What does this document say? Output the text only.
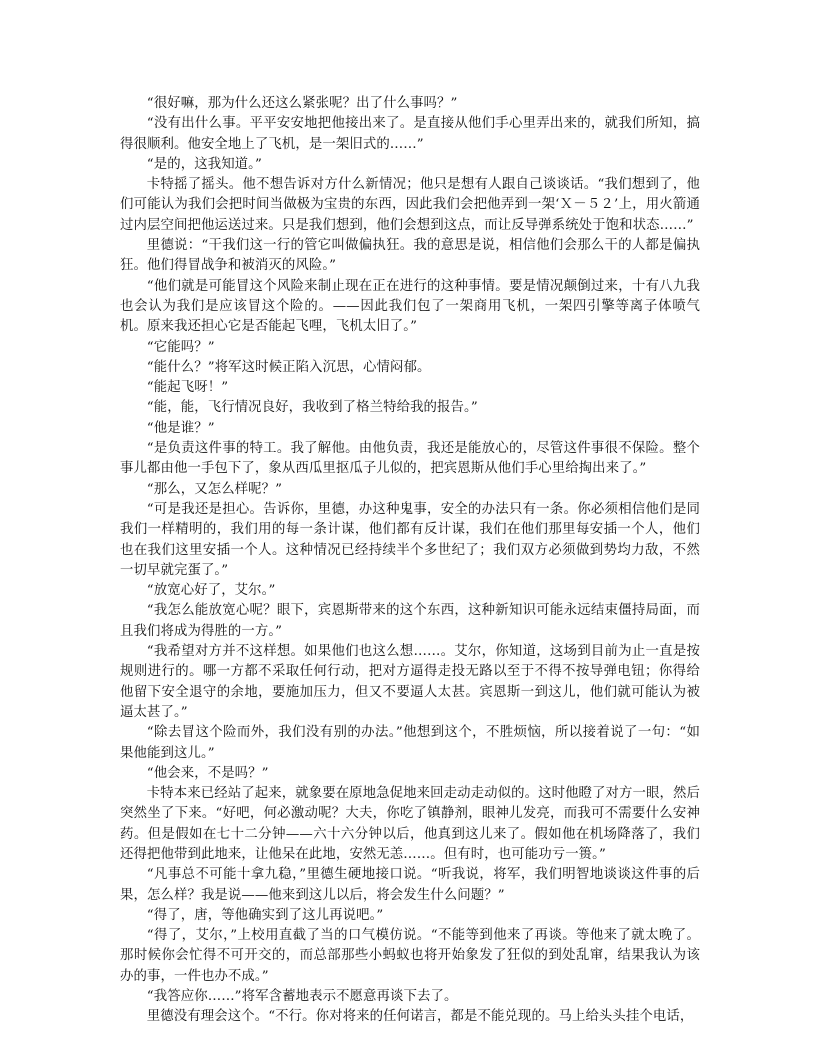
“很好嘛，那为什么还这么紧张呢？出了什么事吗？”

“没有出什么事。平平安安地把他接出来了。是直接从他们手心里弄出来的，就我们所知，搞得很顺利。他安全地上了飞机，是一架旧式的……”

“是的，这我知道。”

卡特摇了摇头。他不想告诉对方什么新情况；他只是想有人跟自己谈谈话。“我们想到了，他们可能认为我们会把时间当做极为宝贵的东西，因此我们会把他弄到一架‘Ｘ－５２’上，用火箭通过内层空间把他运送过来。只是我们想到，他们会想到这点，而让反导弹系统处于饱和状态……”

里德说：“干我们这一行的管它叫做偏执狂。我的意思是说，相信他们会那么干的人都是偏执狂。他们得冒战争和被消灭的风险。”

“他们就是可能冒这个风险来制止现在正在进行的这种事情。要是情况颠倒过来，十有八九我也会认为我们是应该冒这个险的。——因此我们包了一架商用飞机，一架四引擎等离子体喷气机。原来我还担心它是否能起飞哩，飞机太旧了。”

“它能吗？”

“能什么？”将军这时候正陷入沉思，心情闷郁。

“能起飞呀！”

“能，能，飞行情况良好，我收到了格兰特给我的报告。”

“他是谁？”

“是负责这件事的特工。我了解他。由他负责，我还是能放心的，尽管这件事很不保险。整个事儿都由他一手包下了，象从西瓜里抠瓜子儿似的，把宾恩斯从他们手心里给掏出来了。”

“那么，又怎么样呢？”

“可是我还是担心。告诉你，里德，办这种鬼事，安全的办法只有一条。你必须相信他们是同我们一样精明的，我们用的每一条计谋，他们都有反计谋，我们在他们那里每安插一个人，他们也在我们这里安插一个人。这种情况已经持续半个多世纪了；我们双方必须做到势均力敌，不然一切早就完蛋了。”

“放宽心好了，艾尔。”

“我怎么能放宽心呢？眼下，宾恩斯带来的这个东西，这种新知识可能永远结束僵持局面，而且我们将成为得胜的一方。”

“我希望对方并不这样想。如果他们也这么想……。艾尔，你知道，这场到目前为止一直是按规则进行的。哪一方都不采取任何行动，把对方逼得走投无路以至于不得不按导弹电钮；你得给他留下安全退守的余地，要施加压力，但又不要逼人太甚。宾恩斯一到这儿，他们就可能认为被逼太甚了。”

“除去冒这个险而外，我们没有别的办法。”他想到这个，不胜烦恼，所以接着说了一句：“如果他能到这儿。”

“他会来，不是吗？”

卡特本来已经站了起来，就象要在原地急促地来回走动走动似的。这时他瞪了对方一眼，然后突然坐了下来。“好吧，何必激动呢？大夫，你吃了镇静剂，眼神儿发亮，而我可不需要什么安神药。但是假如在七十二分钟——六十六分钟以后，他真到这儿来了。假如他在机场降落了，我们还得把他带到此地来，让他呆在此地，安然无恙……。但有时，也可能功亏一篑。”

“凡事总不可能十拿九稳，”里德生硬地接口说。“听我说，将军，我们明智地谈谈这件事的后果，怎么样？我是说——他来到这儿以后，将会发生什么问题？”

“得了，唐，等他确实到了这儿再说吧。”

“得了，艾尔，”上校用直截了当的口气模仿说。“不能等到他来了再谈。等他来了就太晚了。那时候你会忙得不可开交的，而总部那些小蚂蚁也将开始象发了狂似的到处乱窜，结果我认为该办的事，一件也办不成。”

“我答应你……”将军含蓄地表示不愿意再谈下去了。

里德没有理会这个。“不行。你对将来的任何诺言，都是不能兑现的。马上给头头挂个电话，
